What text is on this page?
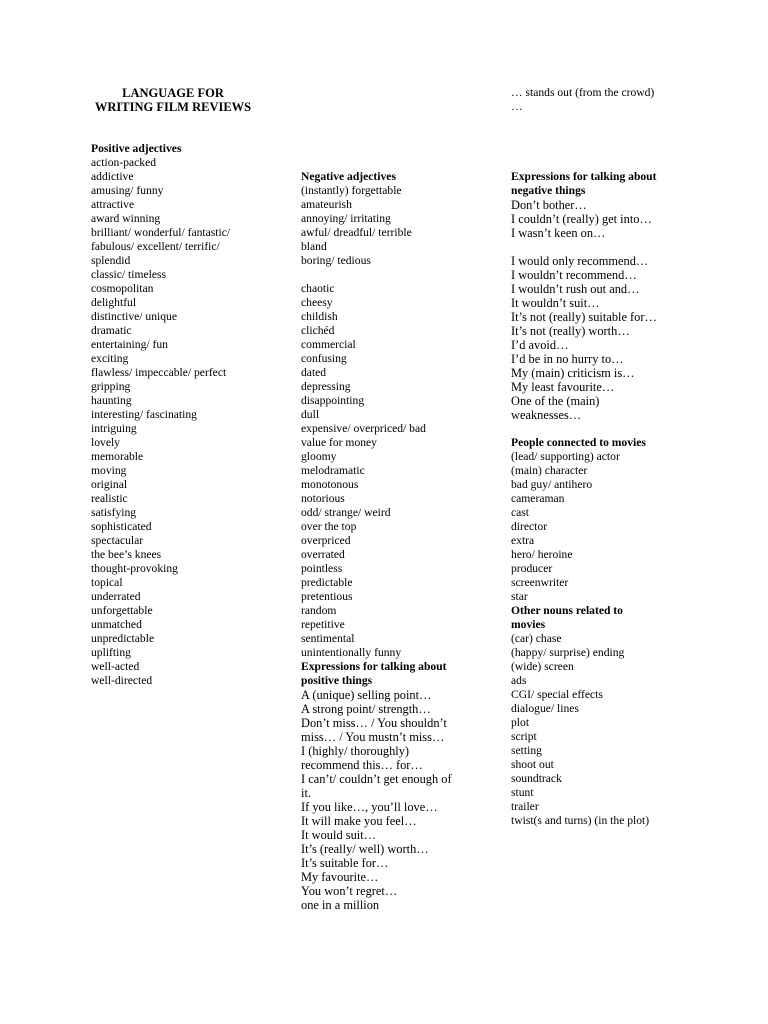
LANGUAGE FOR
WRITING FILM REVIEWS
Positive adjectives
action-packed
addictive
amusing/ funny
attractive
award winning
brilliant/ wonderful/ fantastic/
fabulous/ excellent/ terrific/
splendid
classic/ timeless
cosmopolitan
delightful
distinctive/ unique
dramatic
entertaining/ fun
exciting
flawless/ impeccable/ perfect
gripping
haunting
interesting/ fascinating
intriguing
lovely
memorable
moving
original
realistic
satisfying
sophisticated
spectacular
the bee’s knees
thought-provoking
topical
underrated
unforgettable
unmatched
unpredictable
uplifting
well-acted
well-directed
Negative adjectives
(instantly) forgettable
amateurish
annoying/ irritating
awful/ dreadful/ terrible
bland
boring/ tedious
chaotic
cheesy
childish
clichéd
commercial
confusing
dated
depressing
disappointing
dull
expensive/ overpriced/ bad
value for money
gloomy
melodramatic
monotonous
notorious
odd/ strange/ weird
over the top
overpriced
overrated
pointless
predictable
pretentious
random
repetitive
sentimental
unintentionally funny
Expressions for talking about
positive things
A (unique) selling point…
A strong point/ strength…
Don’t miss… / You shouldn’t
miss… / You mustn’t miss…
I (highly/ thoroughly)
recommend this… for…
I can’t/ couldn’t get enough of
it.
If you like…, you’ll love…
It will make you feel…
It would suit…
It’s (really/ well) worth…
It’s suitable for…
My favourite…
You won’t regret…
one in a million
… stands out (from the crowd)
…
Expressions for talking about
negative things
Don’t bother…
I couldn’t (really) get into…
I wasn’t keen on…
I would only recommend…
I wouldn’t recommend…
I wouldn’t rush out and…
It wouldn’t suit…
It’s not (really) suitable for…
It’s not (really) worth…
I’d avoid…
I’d be in no hurry to…
My (main) criticism is…
My least favourite…
One of the (main)
weaknesses…
People connected to movies
(lead/ supporting) actor
(main) character
bad guy/ antihero
cameraman
cast
director
extra
hero/ heroine
producer
screenwriter
star
Other nouns related to
movies
(car) chase
(happy/ surprise) ending
(wide) screen
ads
CGI/ special effects
dialogue/ lines
plot
script
setting
shoot out
soundtrack
stunt
trailer
twist(s and turns) (in the plot)
